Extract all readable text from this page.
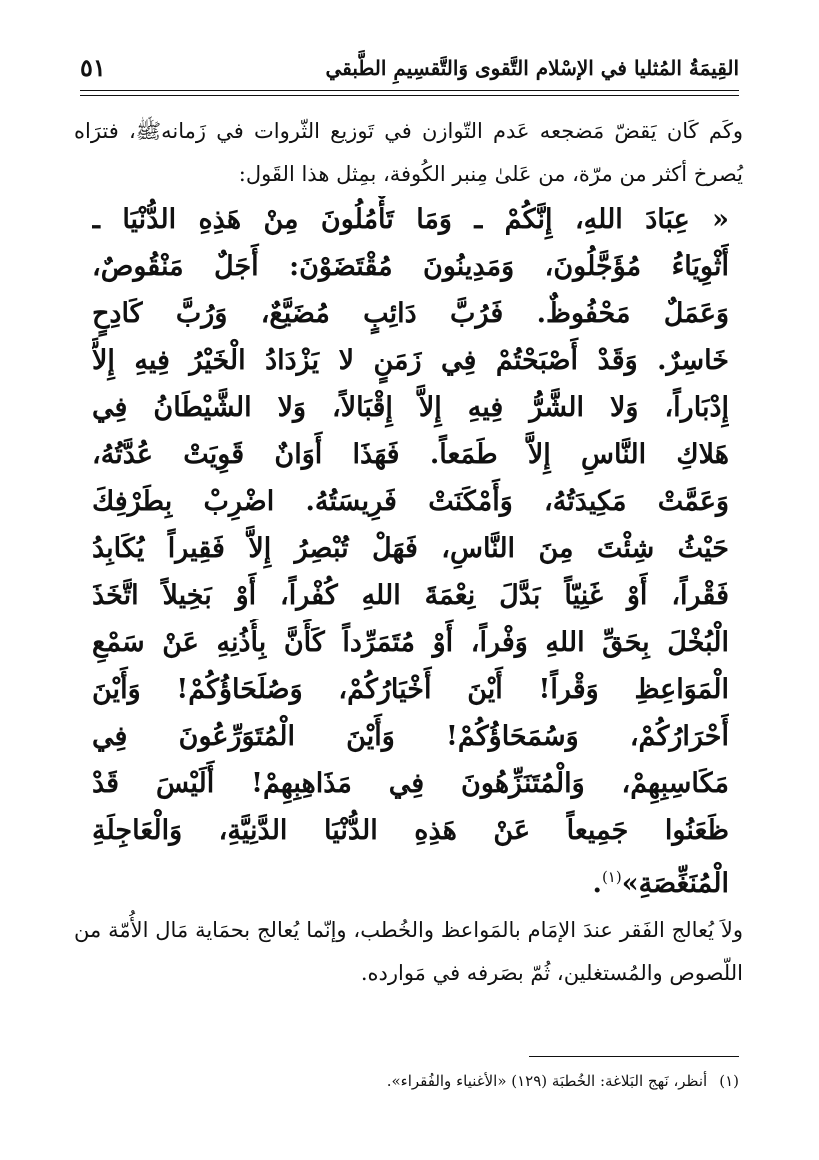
القِيمَةُ المُثليا في الإسْلام التَّقوى وَالتَّقسِيمِ الطَّبقي
٥١

وكَم كَان يَقضّ مَضجعه عَدم التّوازن في تَوزيع الثّروات في زَمانهﷺ، فترَاه يُصرخ أكثر من مرّة، من عَلىٰ مِنبر الكُوفة، بمِثل هذا القَول:

« عِبَادَ اللهِ، إِنَّكُمْ ـ وَمَا تَأْمُلُونَ مِنْ هَذِهِ الدُّنْيَا ـ
أَثْوِيَاءُ مُؤَجَّلُونَ، وَمَدِينُونَ مُقْتَضَوْنَ: أَجَلٌ مَنْقُوصٌ،
وَعَمَلٌ مَحْفُوظٌ. فَرُبَّ دَائِبٍ مُضَيَّعٌ، وَرُبَّ كَادِحٍ
خَاسِرٌ. وَقَدْ أَصْبَحْتُمْ فِي زَمَنٍ لا يَزْدَادُ الْخَيْرُ فِيهِ إِلاَّ
إِدْبَاراً، وَلا الشَّرُّ فِيهِ إِلاَّ إِقْبَالاً، وَلا الشَّيْطَانُ فِي
هَلاكِ النَّاسِ إِلاَّ طَمَعاً. فَهَذَا أَوَانٌ قَوِيَتْ عُدَّتُهُ،
وَعَمَّتْ مَكِيدَتُهُ، وَأَمْكَنَتْ فَرِيسَتُهُ. اضْرِبْ بِطَرْفِكَ
حَيْثُ شِئْتَ مِنَ النَّاسِ، فَهَلْ تُبْصِرُ إِلاَّ فَقِيراً يُكَابِدُ
فَقْراً، أَوْ غَنِيّاً بَدَّلَ نِعْمَةَ اللهِ كُفْراً، أَوْ بَخِيلاً اتَّخَذَ
الْبُخْلَ بِحَقِّ اللهِ وَفْراً، أَوْ مُتَمَرِّداً كَأَنَّ بِأُذُنِهِ عَنْ سَمْعِ
الْمَوَاعِظِ وَقْراً! أَيْنَ أَخْيَارُكُمْ، وَصُلَحَاؤُكُمْ! وَأَيْنَ
أَحْرَارُكُمْ، وَسُمَحَاؤُكُمْ! وَأَيْنَ الْمُتَوَرِّعُونَ فِي
مَكَاسِبِهِمْ، وَالْمُتَنَزِّهُونَ فِي مَذَاهِبِهِمْ! أَلَيْسَ قَدْ
ظَعَنُوا جَمِيعاً عَنْ هَذِهِ الدُّنْيَا الدَّنِيَّةِ، وَالْعَاجِلَةِ
الْمُنَغِّصَةِ»$^{(١)}$.

ولاَ يُعالج الفَقر عندَ الإمَام بالمَواعظ والخُطب، وإنّما يُعالج بحمَاية مَال الأُمّة من اللّصوص والمُستغلين، ثُمّ بصَرفه في مَوارده.

(١)أنظر، نَهج البَلاغة: الخُطبَة (١٢٩) «الأغنياء والفُقراء».
